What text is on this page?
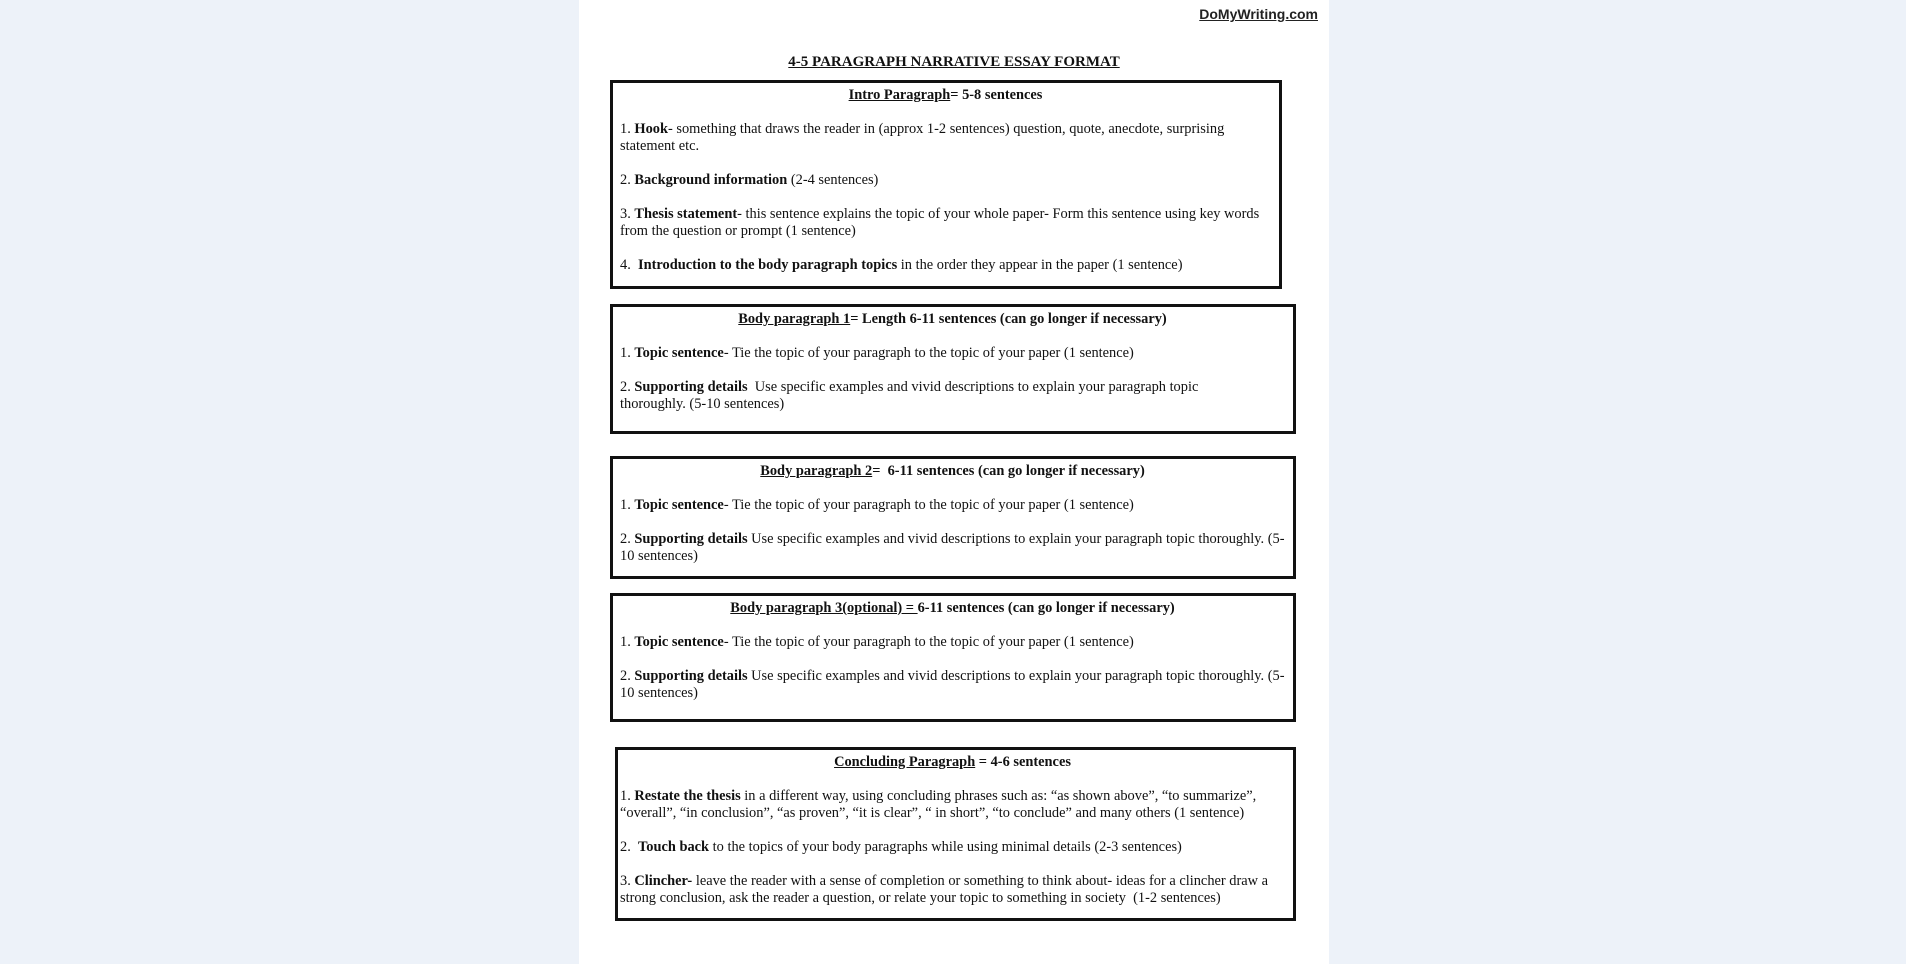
DoMyWriting.com
4-5 PARAGRAPH NARRATIVE ESSAY FORMAT
Intro Paragraph= 5-8 sentences
1. Hook- something that draws the reader in (approx 1-2 sentences) question, quote, anecdote, surprising statement etc.
2. Background information (2-4 sentences)
3. Thesis statement- this sentence explains the topic of your whole paper- Form this sentence using key words from the question or prompt (1 sentence)
4.  Introduction to the body paragraph topics in the order they appear in the paper (1 sentence)
Body paragraph 1= Length 6-11 sentences (can go longer if necessary)
1. Topic sentence- Tie the topic of your paragraph to the topic of your paper (1 sentence)
2. Supporting details  Use specific examples and vivid descriptions to explain your paragraph topic thoroughly. (5-10 sentences)
Body paragraph 2=  6-11 sentences (can go longer if necessary)
1. Topic sentence- Tie the topic of your paragraph to the topic of your paper (1 sentence)
2. Supporting details Use specific examples and vivid descriptions to explain your paragraph topic thoroughly. (5-10 sentences)
Body paragraph 3(optional) = 6-11 sentences (can go longer if necessary)
1. Topic sentence- Tie the topic of your paragraph to the topic of your paper (1 sentence)
2. Supporting details Use specific examples and vivid descriptions to explain your paragraph topic thoroughly. (5-10 sentences)
Concluding Paragraph = 4-6 sentences
1. Restate the thesis in a different way, using concluding phrases such as: “as shown above”, “to summarize”, “overall”, “in conclusion”, “as proven”, “it is clear”, “ in short”, “to conclude” and many others (1 sentence)
2.  Touch back to the topics of your body paragraphs while using minimal details (2-3 sentences)
3. Clincher- leave the reader with a sense of completion or something to think about- ideas for a clincher draw a strong conclusion, ask the reader a question, or relate your topic to something in society  (1-2 sentences)
